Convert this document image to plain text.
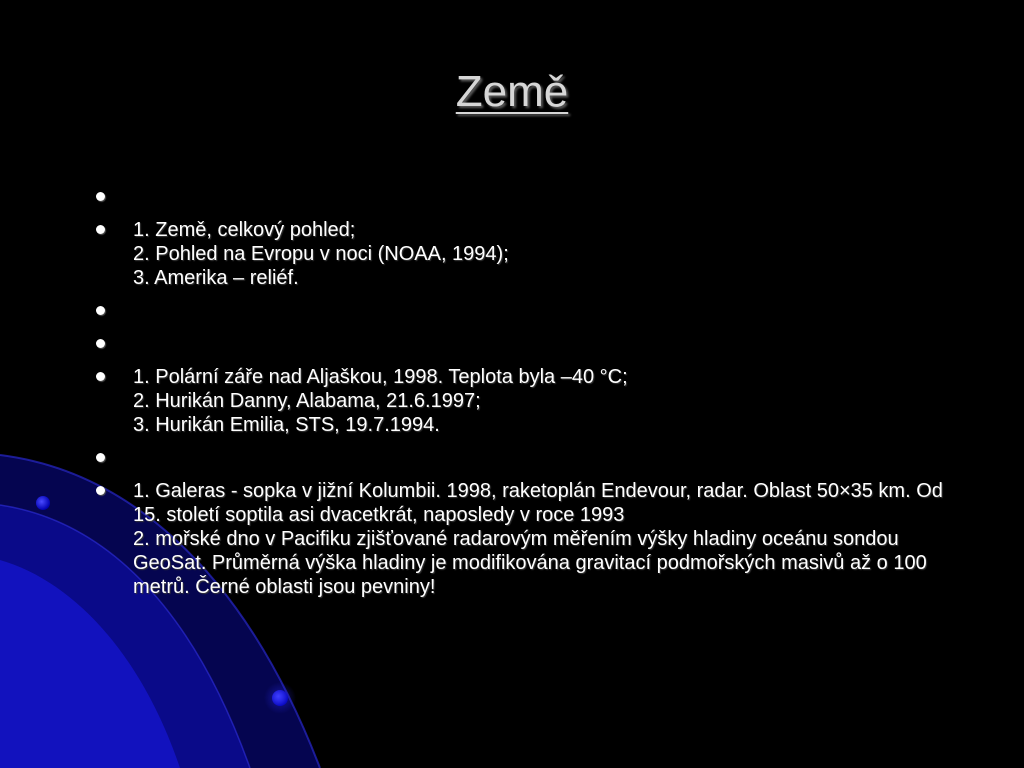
Země
1. Země, celkový pohled;
2. Pohled na Evropu v noci (NOAA, 1994);
3. Amerika – reliéf.
1. Polární záře nad Aljaškou, 1998. Teplota byla –40 °C;
2. Hurikán Danny, Alabama, 21.6.1997;
3. Hurikán Emilia, STS, 19.7.1994.
1. Galeras - sopka v jižní Kolumbii. 1998, raketoplán Endevour, radar. Oblast 50×35 km. Od 15. století soptila asi dvacetkrát, naposledy v roce 1993
2. mořské dno v Pacifiku zjišťované radarovým měřením výšky hladiny oceánu sondou GeoSat. Průměrná výška hladiny je modifikována gravitací podmořských masivů až o 100 metrů. Černé oblasti jsou pevniny!
